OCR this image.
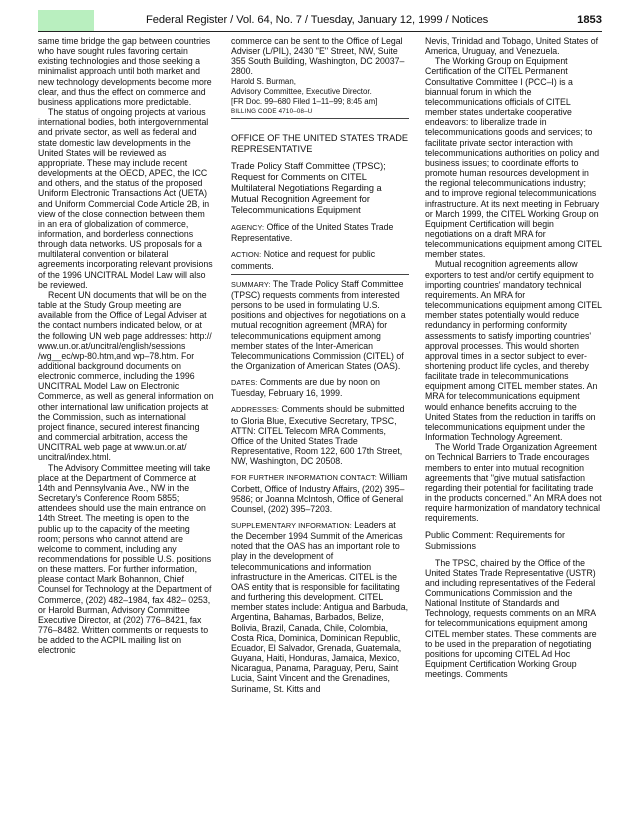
Federal Register / Vol. 64, No. 7 / Tuesday, January 12, 1999 / Notices	1853

same time bridge the gap between countries who have sought rules favoring certain existing technologies and those seeking a minimalist approach until both market and new technology developments become more clear, and thus the effect on commerce and business applications more predictable.

The status of ongoing projects at various international bodies, both intergovernmental and private sector, as well as federal and state domestic law developments in the United States will be reviewed as appropriate. These may include recent developments at the OECD, APEC, the ICC and others, and the status of the proposed Uniform Electronic Transactions Act (UETA) and Uniform Commercial Code Article 2B, in view of the close connection between them in an era of globalization of commerce, information, and borderless connections through data networks. US proposals for a multilateral convention or bilateral agreements incorporating relevant provisions of the 1996 UNCITRAL Model Law will also be reviewed.

Recent UN documents that will be on the table at the Study Group meeting are available from the Office of Legal Adviser at the contact numbers indicated below, or at the following UN web page addresses: http:// www.un.or.at/uncitral/english/sessions /wg__ec/wp-80.htm,and wp–78.htm. For additional background documents on electronic commerce, including the 1996 UNCITRAL Model Law on Electronic Commerce, as well as general information on other international law unification projects at the Commission, such as international project finance, secured interest financing and commercial arbitration, access the UNCITRAL web page at www.un.or.at/ uncitral/index.html.

The Advisory Committee meeting will take place at the Department of Commerce at 14th and Pennsylvania Ave., NW in the Secretary's Conference Room 5855; attendees should use the main entrance on 14th Street. The meeting is open to the public up to the capacity of the meeting room; persons who cannot attend are welcome to comment, including any recommendations for possible U.S. positions on these matters. For further information, please contact Mark Bohannon, Chief Counsel for Technology at the Department of Commerce, (202) 482–1984, fax 482– 0253, or Harold Burman, Advisory Committee Executive Director, at (202) 776–8421, fax 776–8482. Written comments or requests to be added to the ACPIL mailing list on electronic

commerce can be sent to the Office of Legal Adviser (L/PIL), 2430 ''E'' Street, NW, Suite 355 South Building, Washington, DC 20037–2800.

Harold S. Burman,

Advisory Committee, Executive Director.

[FR Doc. 99–680 Filed 1–11–99; 8:45 am]

BILLING CODE 4710–08–U

OFFICE OF THE UNITED STATES TRADE REPRESENTATIVE

Trade Policy Staff Committee (TPSC); Request for Comments on CITEL Multilateral Negotiations Regarding a Mutual Recognition Agreement for Telecommunications Equipment

AGENCY: Office of the United States Trade Representative.

ACTION: Notice and request for public comments.

SUMMARY: The Trade Policy Staff Committee (TPSC) requests comments from interested persons to be used in formulating U.S. positions and objectives for negotiations on a mutual recognition agreement (MRA) for telecommunications equipment among member states of the Inter-American Telecommunications Commission (CITEL) of the Organization of American States (OAS).

DATES: Comments are due by noon on Tuesday, February 16, 1999.

ADDRESSES: Comments should be submitted to Gloria Blue, Executive Secretary, TPSC, ATTN: CITEL Telecom MRA Comments, Office of the United States Trade Representative, Room 122, 600 17th Street, NW, Washington, DC 20508.

FOR FURTHER INFORMATION CONTACT: William Corbett, Office of Industry Affairs, (202) 395–9586; or Joanna McIntosh, Office of General Counsel, (202) 395–7203.

SUPPLEMENTARY INFORMATION: Leaders at the December 1994 Summit of the Americas noted that the OAS has an important role to play in the development of telecommunications and information infrastructure in the Americas. CITEL is the OAS entity that is responsible for facilitating and furthering this development. CITEL member states include: Antigua and Barbuda, Argentina, Bahamas, Barbados, Belize, Bolivia, Brazil, Canada, Chile, Colombia, Costa Rica, Dominica, Dominican Republic, Ecuador, El Salvador, Grenada, Guatemala, Guyana, Haiti, Honduras, Jamaica, Mexico, Nicaragua, Panama, Paraguay, Peru, Saint Lucia, Saint Vincent and the Grenadines, Suriname, St. Kitts and

Nevis, Trinidad and Tobago, United States of America, Uruguay, and Venezuela.

The Working Group on Equipment Certification of the CITEL Permanent Consultative Committee I (PCC–I) is a biannual forum in which the telecommunications officials of CITEL member states undertake cooperative endeavors: to liberalize trade in telecommunications goods and services; to facilitate private sector interaction with telecommunications authorities on policy and business issues; to coordinate efforts to promote human resources development in the regional telecommunications industry; and to improve regional telecommunications infrastructure. At its next meeting in February or March 1999, the CITEL Working Group on Equipment Certification will begin negotiations on a draft MRA for telecommunications equipment among CITEL member states.

Mutual recognition agreements allow exporters to test and/or certify equipment to importing countries' mandatory technical requirements. An MRA for telecommunications equipment among CITEL member states potentially would reduce redundancy in performing conformity assessments to satisfy importing countries' approval processes. This would shorten approval times in a sector subject to ever-shortening product life cycles, and thereby facilitate trade in telecommunications equipment among CITEL member states. An MRA for telecommunications equipment would enhance benefits accruing to the United States from the reduction in tariffs on telecommunications equipment under the Information Technology Agreement.

The World Trade Organization Agreement on Technical Barriers to Trade encourages members to enter into mutual recognition agreements that ''give mutual satisfaction regarding their potential for facilitating trade in the products concerned.'' An MRA does not require harmonization of mandatory technical requirements.

Public Comment: Requirements for Submissions

The TPSC, chaired by the Office of the United States Trade Representative (USTR) and including representatives of the Federal Communications Commission and the National Institute of Standards and Technology, requests comments on an MRA for telecommunications equipment among CITEL member states. These comments are to be used in the preparation of negotiating positions for upcoming CITEL Ad Hoc Equipment Certification Working Group meetings. Comments
